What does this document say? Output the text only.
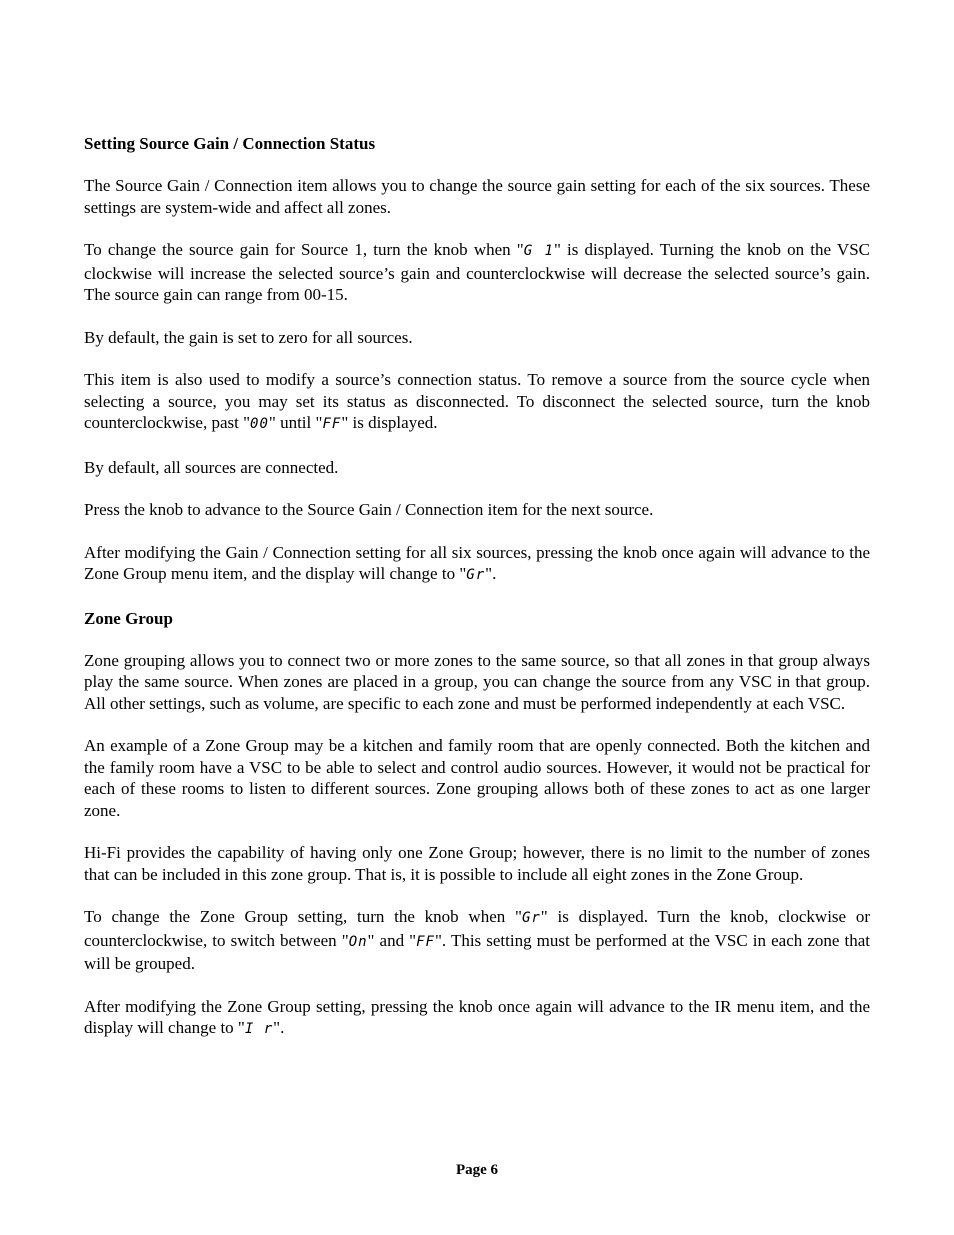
Setting Source Gain / Connection Status

The Source Gain / Connection item allows you to change the source gain setting for each of the six sources. These settings are system-wide and affect all zones.

To change the source gain for Source 1, turn the knob when "G 1" is displayed. Turning the knob on the VSC clockwise will increase the selected source’s gain and counterclockwise will decrease the selected source’s gain. The source gain can range from 00-15.

By default, the gain is set to zero for all sources.

This item is also used to modify a source’s connection status. To remove a source from the source cycle when selecting a source, you may set its status as disconnected. To disconnect the selected source, turn the knob counterclockwise, past "00" until "FF" is displayed.

By default, all sources are connected.

Press the knob to advance to the Source Gain / Connection item for the next source.

After modifying the Gain / Connection setting for all six sources, pressing the knob once again will advance to the Zone Group menu item, and the display will change to "Gr".

Zone Group

Zone grouping allows you to connect two or more zones to the same source, so that all zones in that group always play the same source. When zones are placed in a group, you can change the source from any VSC in that group. All other settings, such as volume, are specific to each zone and must be performed independently at each VSC.

An example of a Zone Group may be a kitchen and family room that are openly connected. Both the kitchen and the family room have a VSC to be able to select and control audio sources. However, it would not be practical for each of these rooms to listen to different sources. Zone grouping allows both of these zones to act as one larger zone.

Hi-Fi provides the capability of having only one Zone Group; however, there is no limit to the number of zones that can be included in this zone group. That is, it is possible to include all eight zones in the Zone Group.

To change the Zone Group setting, turn the knob when "Gr" is displayed. Turn the knob, clockwise or counterclockwise, to switch between "On" and "FF". This setting must be performed at the VSC in each zone that will be grouped.

After modifying the Zone Group setting, pressing the knob once again will advance to the IR menu item, and the display will change to "I r".

Page 6
